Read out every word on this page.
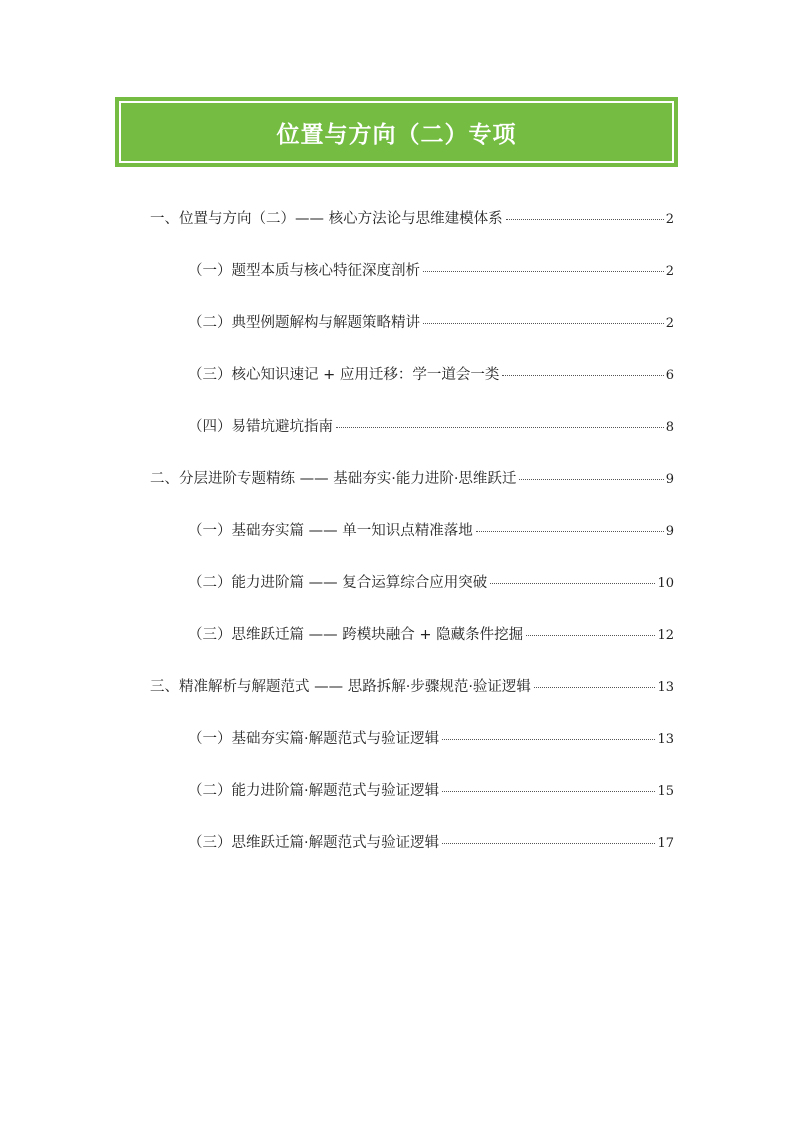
位置与方向（二）专项
一、位置与方向（二）—— 核心方法论与思维建模体系	2
（一）题型本质与核心特征深度剖析	2
（二）典型例题解构与解题策略精讲	2
（三）核心知识速记 + 应用迁移：学一道会一类	6
（四）易错坑避坑指南	8
二、分层进阶专题精练 —— 基础夯实·能力进阶·思维跃迁	9
（一）基础夯实篇 —— 单一知识点精准落地	9
（二）能力进阶篇 —— 复合运算综合应用突破	10
（三）思维跃迁篇 —— 跨模块融合 + 隐藏条件挖掘	12
三、精准解析与解题范式 —— 思路拆解·步骤规范·验证逻辑	13
（一）基础夯实篇·解题范式与验证逻辑	13
（二）能力进阶篇·解题范式与验证逻辑	15
（三）思维跃迁篇·解题范式与验证逻辑	17
